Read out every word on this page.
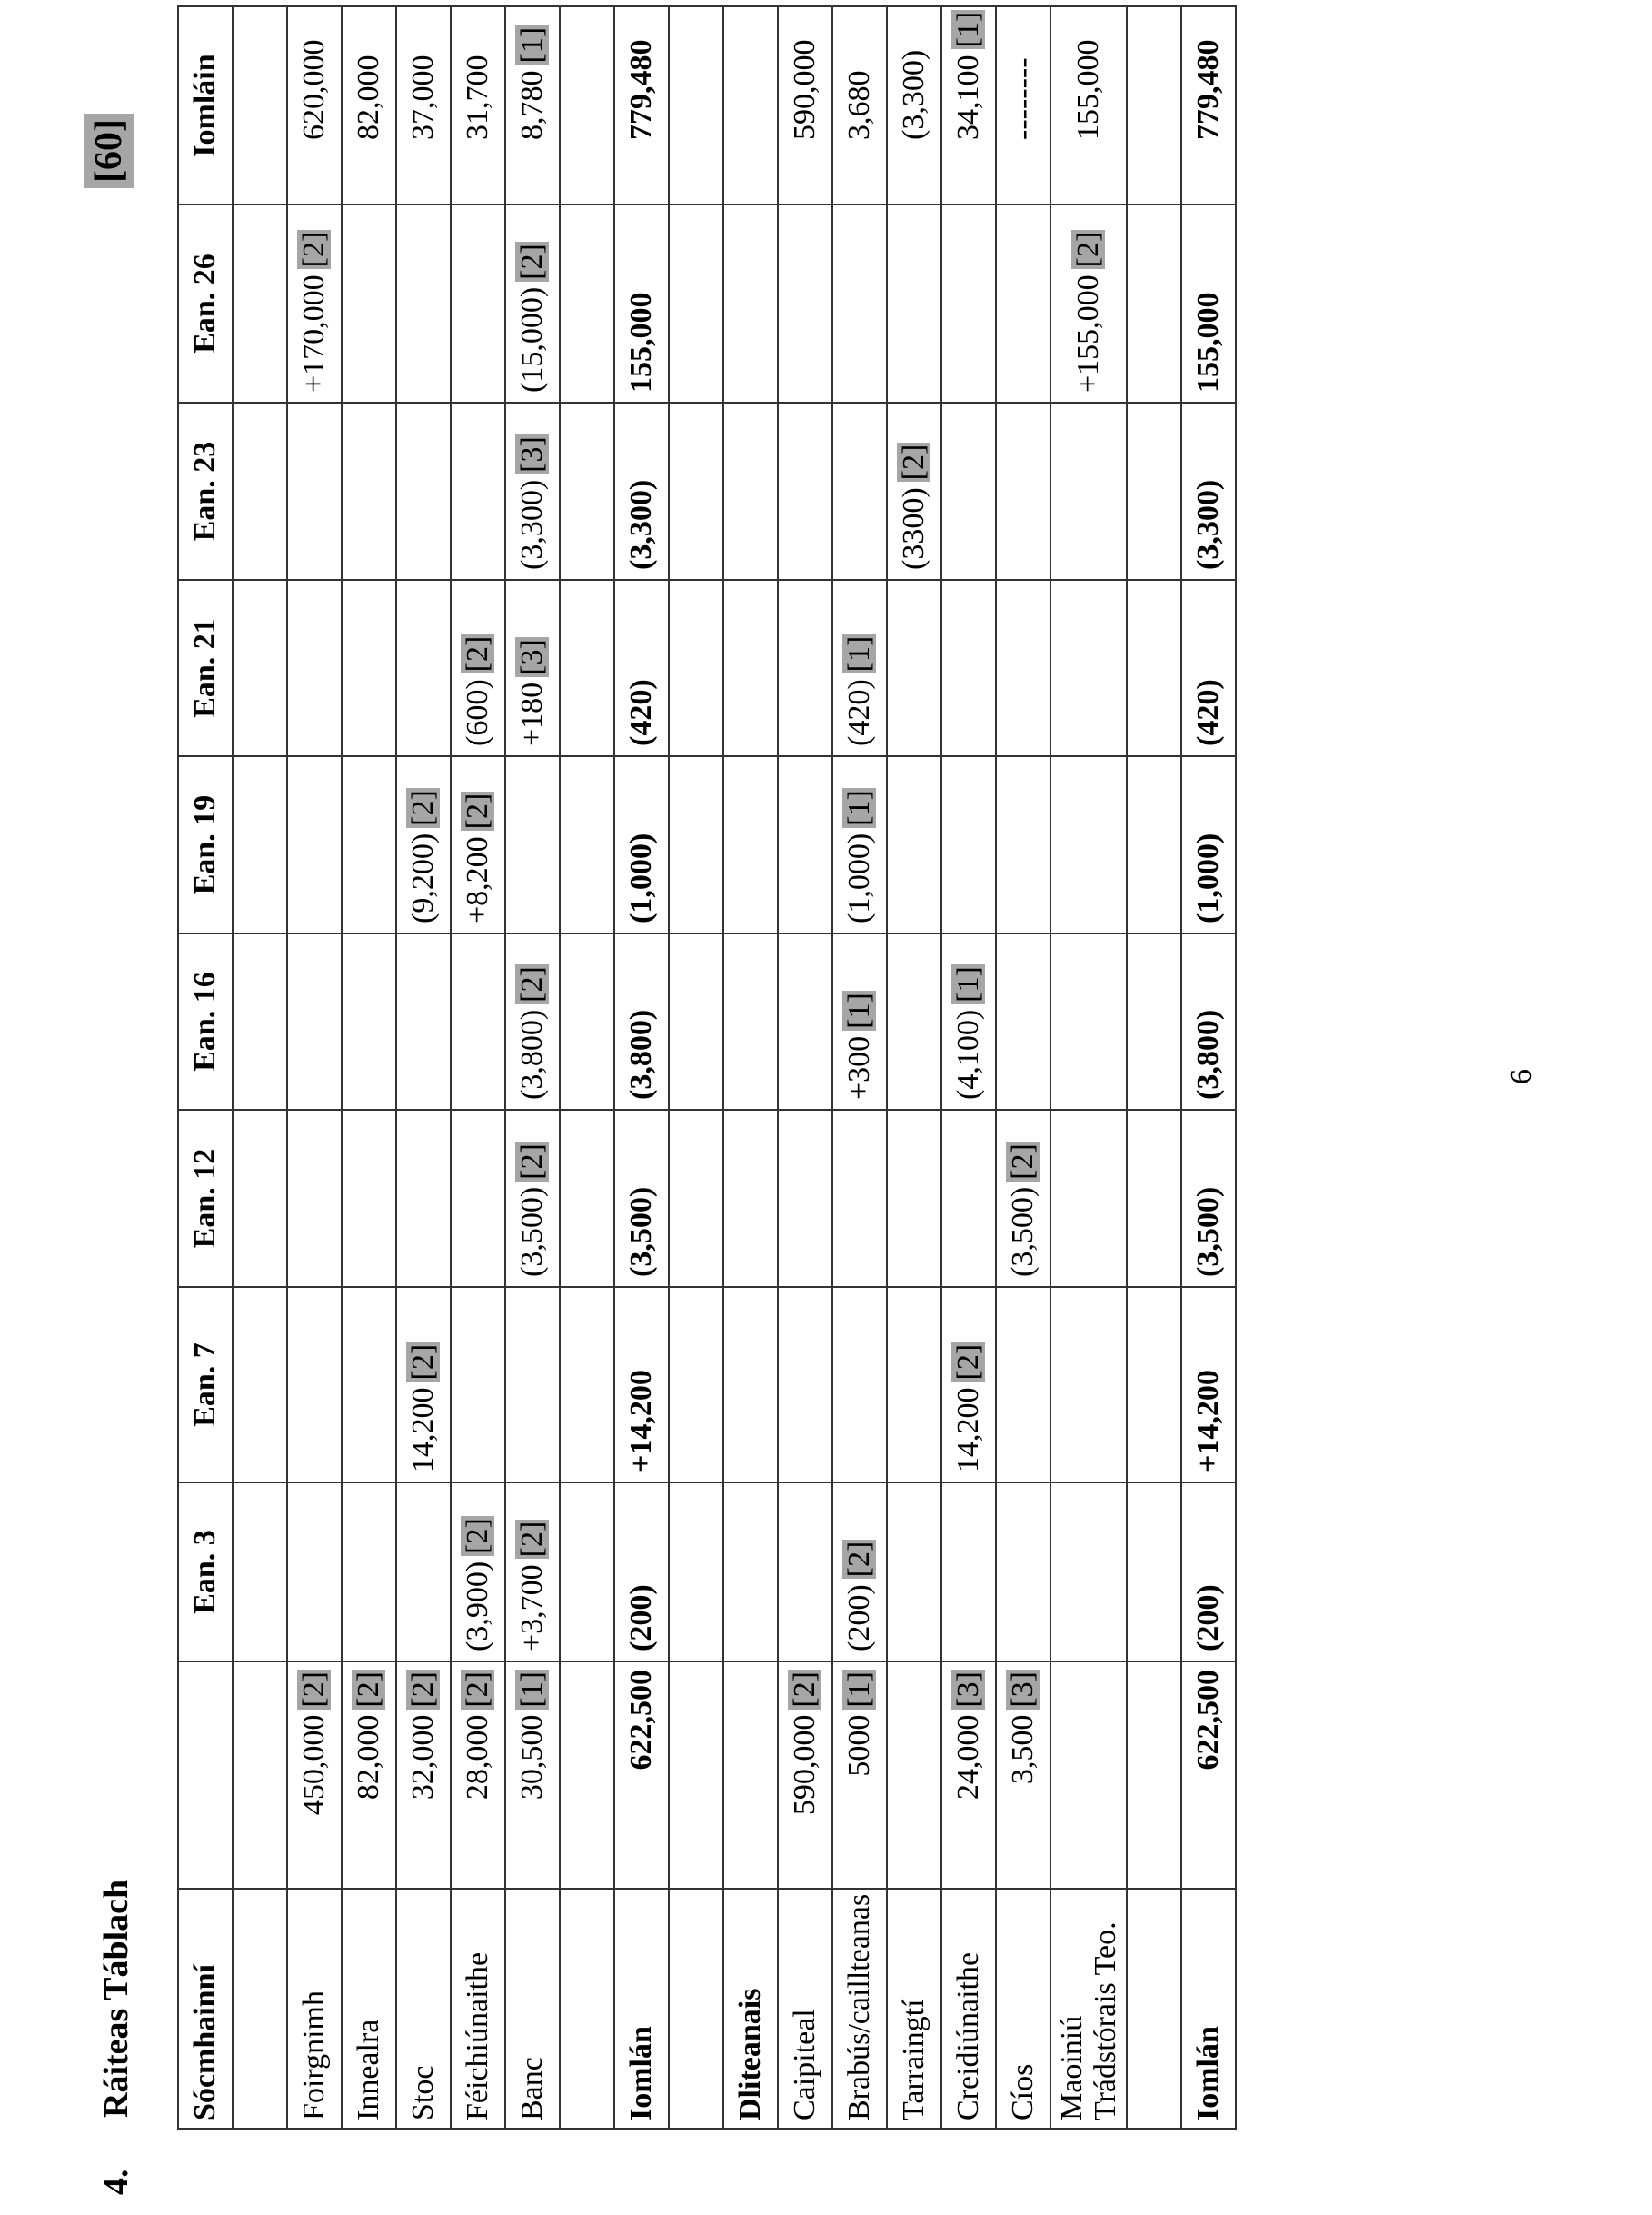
4.
Ráiteas Táblach
[60]
Sócmhainní		Ean. 3	Ean. 7	Ean. 12	Ean. 16	Ean. 19	Ean. 21	Ean. 23	Ean. 26	Iomláin

Foirgnimh	450,000[2]								+170,000[2]	620,000
Innealra	82,000[2]									82,000
Stoc	32,000[2]		14,200[2]			(9,200)[2]				37,000
Féichiúnaithe	28,000[2]	(3,900)[2]				+8,200[2]	(600)[2]			31,700
Banc	30,500[1]	+3,700[2]		(3,500)[2]	(3,800)[2]		+180[3]	(3,300)[3]	(15,000)[2]	8,780[1]

Iomlán	622,500	(200)	+14,200	(3,500)	(3,800)	(1,000)	(420)	(3,300)	155,000	779,480

Dliteanais										
Caipiteal	590,000[2]									590,000
Brabús/caillteanas	5000[1]	(200)[2]			+300[1]	(1,000)[1]	(420)[1]			3,680
Tarraingtí								(3300)[2]		(3,300)
Creidiúnaithe	24,000[3]		14,200[2]		(4,100)[1]					34,100[1]
Cíos	3,500[3]			(3,500)[2]						--------
Maoiniú
Trádstórais Teo.									+155,000[2]	155,000

Iomlán	622,500	(200)	+14,200	(3,500)	(3,800)	(1,000)	(420)	(3,300)	155,000	779,480
6
